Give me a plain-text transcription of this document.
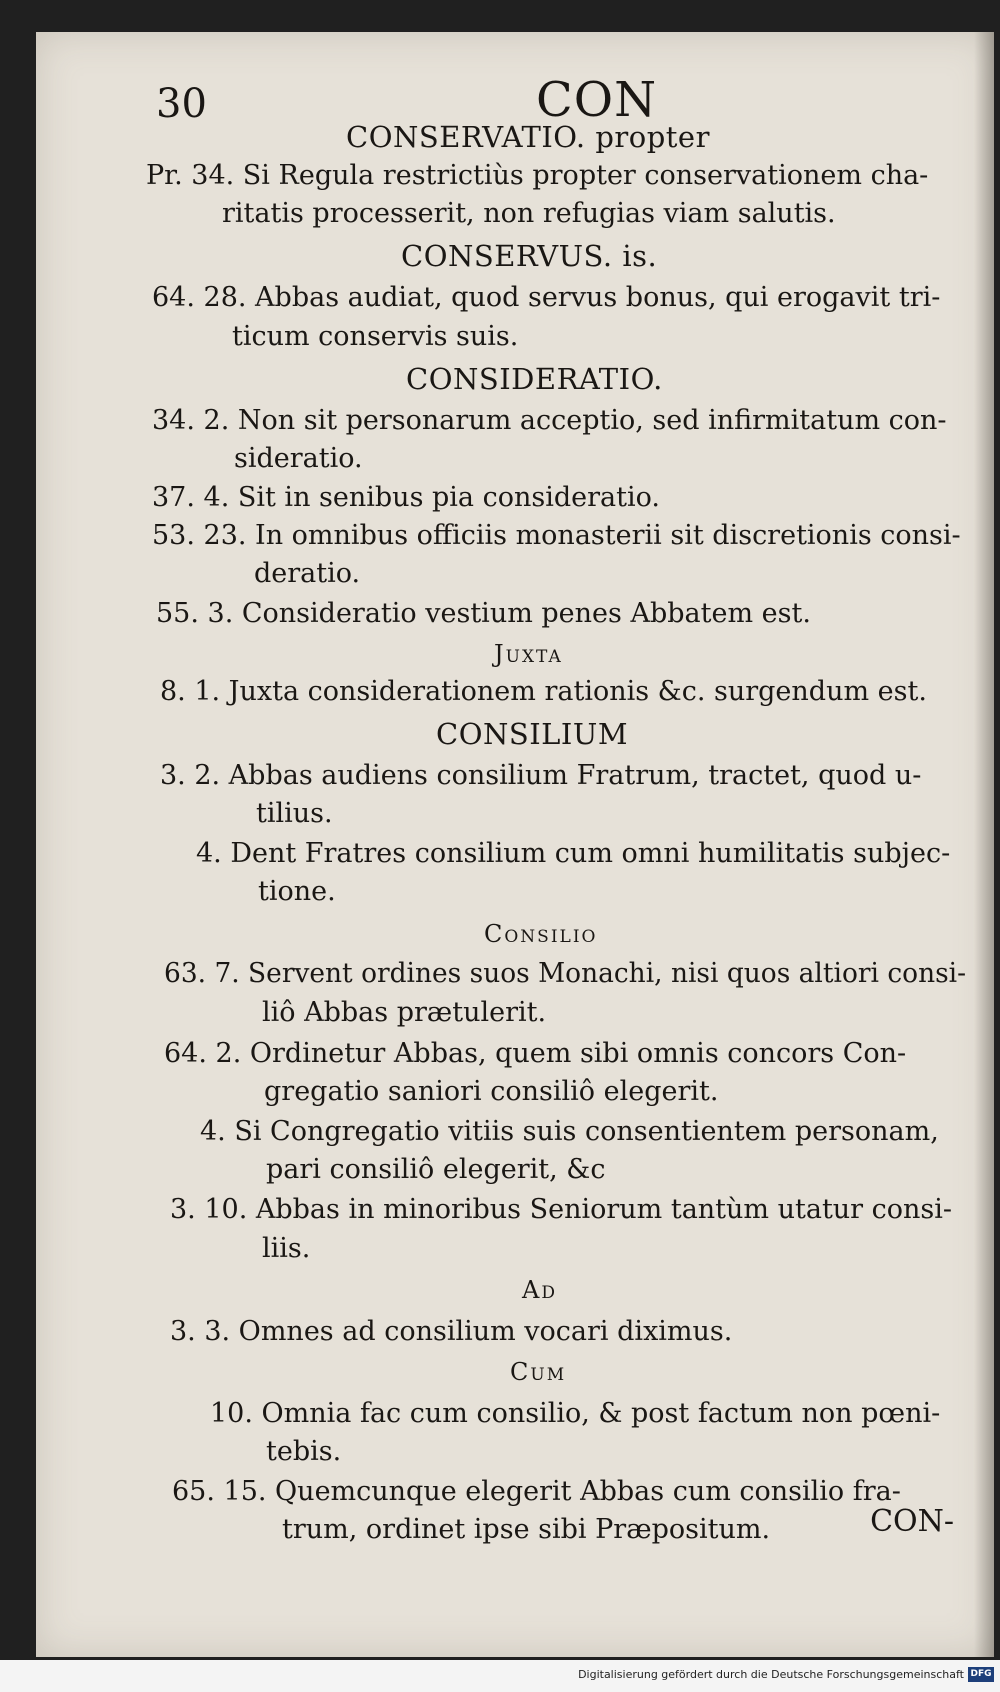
30	CON
CONSERVATIO. propter
Pr. 34. Si Regula restrictiùs propter conservationem cha-
ritatis processerit, non refugias viam salutis.
CONSERVUS. is.
64. 28. Abbas audiat, quod servus bonus, qui erogavit tri-
ticum conservis suis.
CONSIDERATIO.
34. 2. Non sit personarum acceptio, sed infirmitatum con-
sideratio.
37. 4. Sit in senibus pia consideratio.
53. 23. In omnibus officiis monasterii sit discretionis consi-
deratio.
55. 3. Consideratio vestium penes Abbatem est.
Juxta
8. 1. Juxta considerationem rationis &c. surgendum est.
CONSILIUM
3. 2. Abbas audiens consilium Fratrum, tractet, quod u-
tilius.
4. Dent Fratres consilium cum omni humilitatis subjec-
tione.
Consilio
63. 7. Servent ordines suos Monachi, nisi quos altiori consi-
liô Abbas prætulerit.
64. 2. Ordinetur Abbas, quem sibi omnis concors Con-
gregatio saniori consiliô elegerit.
4. Si Congregatio vitiis suis consentientem personam,
pari consiliô elegerit, &c
3. 10. Abbas in minoribus Seniorum tantùm utatur consi-
liis.
Ad
3. 3. Omnes ad consilium vocari diximus.
Cum
10. Omnia fac cum consilio, & post factum non pœni-
tebis.
65. 15. Quemcunque elegerit Abbas cum consilio fra-
trum, ordinet ipse sibi Præpositum.	CON-
Digitalisierung gefördert durch die Deutsche Forschungsgemeinschaft DFG
